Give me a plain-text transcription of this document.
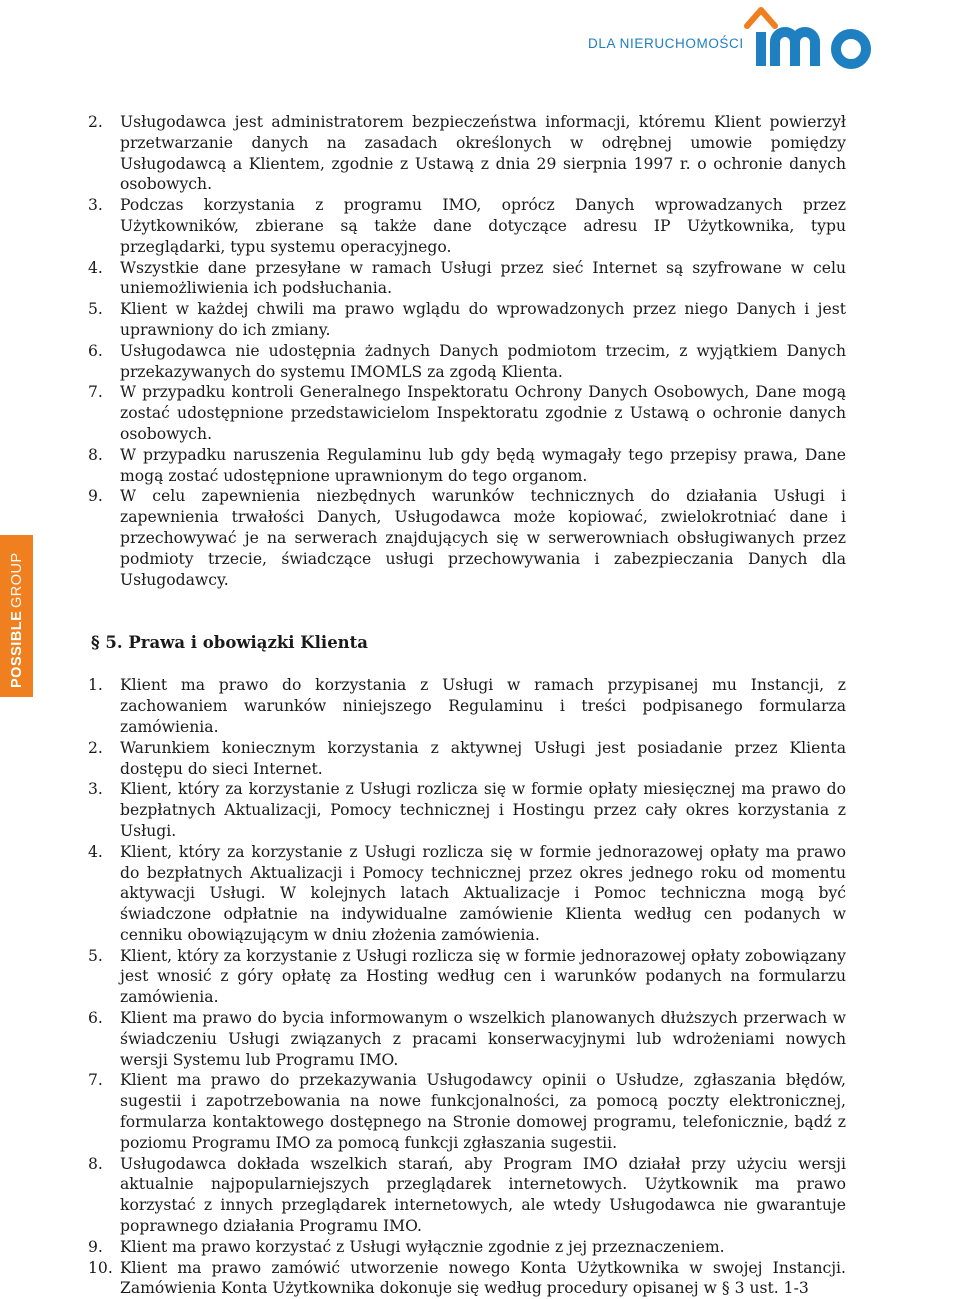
DLA NIERUCHOMOŚCI
POSSIBLE
GROUP
2.	Usługodawca jest administratorem bezpieczeństwa informacji, któremu Klient powierzył przetwarzanie danych na zasadach określonych w odrębnej umowie pomiędzy Usługodawcą a Klientem, zgodnie z Ustawą z dnia 29 sierpnia 1997 r. o ochronie danych osobowych.
3.	Podczas korzystania z programu IMO, oprócz Danych wprowadzanych przez Użytkowników, zbierane są także dane dotyczące adresu IP Użytkownika, typu przeglądarki, typu systemu operacyjnego.
4.	Wszystkie dane przesyłane w ramach Usługi przez sieć Internet są szyfrowane w celu uniemożliwienia ich podsłuchania.
5.	Klient w każdej chwili ma prawo wglądu do wprowadzonych przez niego Danych i jest uprawniony do ich zmiany.
6.	Usługodawca nie udostępnia żadnych Danych podmiotom trzecim, z wyjątkiem Danych przekazywanych do systemu IMOMLS za zgodą Klienta.
7.	W przypadku kontroli Generalnego Inspektoratu Ochrony Danych Osobowych, Dane mogą zostać udostępnione przedstawicielom Inspektoratu zgodnie z Ustawą o ochronie danych osobowych.
8.	W przypadku naruszenia Regulaminu lub gdy będą wymagały tego przepisy prawa, Dane mogą zostać udostępnione uprawnionym do tego organom.
9.	W celu zapewnienia niezbędnych warunków technicznych do działania Usługi i zapewnienia trwałości Danych, Usługodawca może kopiować, zwielokrotniać dane i przechowywać je na serwerach znajdujących się w serwerowniach obsługiwanych przez podmioty trzecie, świadczące usługi przechowywania i zabezpieczania Danych dla Usługodawcy.
§ 5. Prawa i obowiązki Klienta
1.	Klient ma prawo do korzystania z Usługi w ramach przypisanej mu Instancji, z zachowaniem warunków niniejszego Regulaminu i treści podpisanego formularza zamówienia.
2.	Warunkiem koniecznym korzystania z aktywnej Usługi jest posiadanie przez Klienta dostępu do sieci Internet.
3.	Klient, który za korzystanie z Usługi rozlicza się w formie opłaty miesięcznej ma prawo do bezpłatnych Aktualizacji, Pomocy technicznej i Hostingu przez cały okres korzystania z Usługi.
4.	Klient, który za korzystanie z Usługi rozlicza się w formie jednorazowej opłaty ma prawo do bezpłatnych Aktualizacji i Pomocy technicznej przez okres jednego roku od momentu aktywacji Usługi. W kolejnych latach Aktualizacje i Pomoc techniczna mogą być świadczone odpłatnie na indywidualne zamówienie Klienta według cen podanych w cenniku obowiązującym w dniu złożenia zamówienia.
5.	Klient, który za korzystanie z Usługi rozlicza się w formie jednorazowej opłaty zobowiązany jest wnosić z góry opłatę za Hosting według cen i warunków podanych na formularzu zamówienia.
6.	Klient ma prawo do bycia informowanym o wszelkich planowanych dłuższych przerwach w świadczeniu Usługi związanych z pracami konserwacyjnymi lub wdrożeniami nowych wersji Systemu lub Programu IMO.
7.	Klient ma prawo do przekazywania Usługodawcy opinii o Usłudze, zgłaszania błędów, sugestii i zapotrzebowania na nowe funkcjonalności, za pomocą poczty elektronicznej, formularza kontaktowego dostępnego na Stronie domowej programu, telefonicznie, bądź z poziomu Programu IMO za pomocą funkcji zgłaszania sugestii.
8.	Usługodawca dokłada wszelkich starań, aby Program IMO działał przy użyciu wersji aktualnie najpopularniejszych przeglądarek internetowych. Użytkownik ma prawo korzystać z innych przeglądarek internetowych, ale wtedy Usługodawca nie gwarantuje poprawnego działania Programu IMO.
9.	Klient ma prawo korzystać z Usługi wyłącznie zgodnie z jej przeznaczeniem.
10. Klient ma prawo zamówić utworzenie nowego Konta Użytkownika w swojej Instancji. Zamówienia Konta Użytkownika dokonuje się według procedury opisanej w § 3 ust. 1-3
